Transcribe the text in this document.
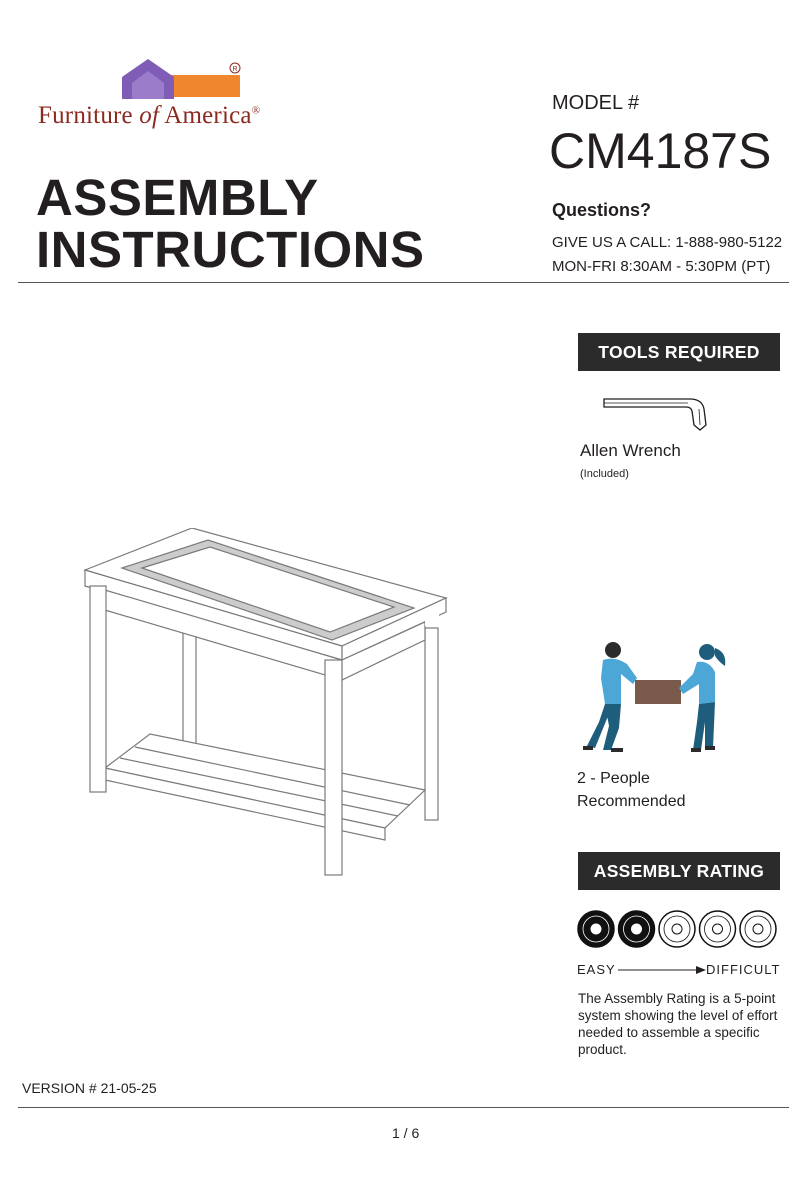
R
Furniture of America®
ASSEMBLY
INSTRUCTIONS
MODEL #
CM4187S
Questions?
GIVE US A CALL: 1-888-980-5122
MON-FRI 8:30AM - 5:30PM (PT)
TOOLS REQUIRED
Allen Wrench
(Included)
2 - People
Recommended
ASSEMBLY RATING
EASY	DIFFICULT
The Assembly Rating is a 5-point system showing the level of effort needed to assemble a specific product.
VERSION # 21-05-25
1 / 6
